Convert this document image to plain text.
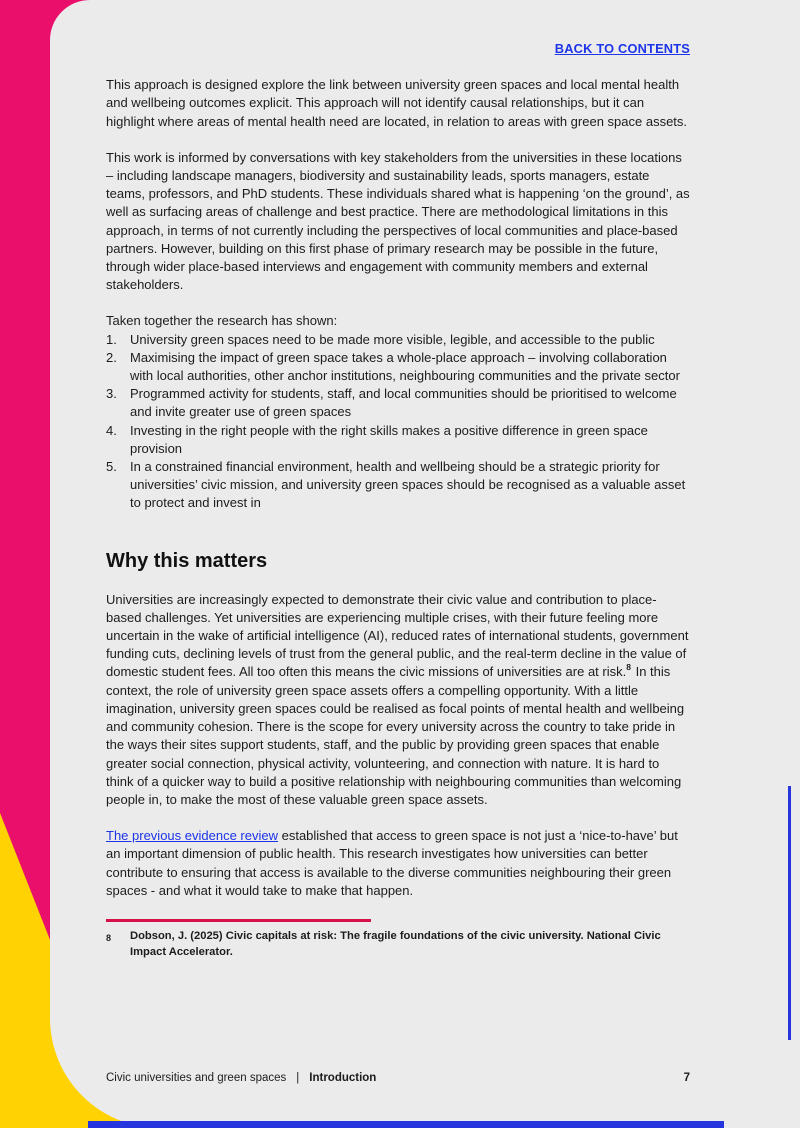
BACK TO CONTENTS

This approach is designed explore the link between university green spaces and local mental health and wellbeing outcomes explicit. This approach will not identify causal relationships, but it can highlight where areas of mental health need are located, in relation to areas with green space assets.

This work is informed by conversations with key stakeholders from the universities in these locations – including landscape managers, biodiversity and sustainability leads, sports managers, estate teams, professors, and PhD students. These individuals shared what is happening ‘on the ground’, as well as surfacing areas of challenge and best practice. There are methodological limitations in this approach, in terms of not currently including the perspectives of local communities and place-based partners. However, building on this first phase of primary research may be possible in the future, through wider place-based interviews and engagement with community members and external stakeholders.

Taken together the research has shown:

1.	University green spaces need to be made more visible, legible, and accessible to the public
2.	Maximising the impact of green space takes a whole-place approach – involving collaboration with local authorities, other anchor institutions, neighbouring communities and the private sector
3.	Programmed activity for students, staff, and local communities should be prioritised to welcome and invite greater use of green spaces
4.	Investing in the right people with the right skills makes a positive difference in green space provision
5.	In a constrained financial environment, health and wellbeing should be a strategic priority for universities’ civic mission, and university green spaces should be recognised as a valuable asset to protect and invest in
Why this matters

Universities are increasingly expected to demonstrate their civic value and contribution to place-based challenges. Yet universities are experiencing multiple crises, with their future feeling more uncertain in the wake of artificial intelligence (AI), reduced rates of international students, government funding cuts, declining levels of trust from the general public, and the real-term decline in the value of domestic student fees. All too often this means the civic missions of universities are at risk.$^8$ In this context, the role of university green space assets offers a compelling opportunity. With a little imagination, university green spaces could be realised as focal points of mental health and wellbeing and community cohesion. There is the scope for every university across the country to take pride in the ways their sites support students, staff, and the public by providing green spaces that enable greater social connection, physical activity, volunteering, and connection with nature. It is hard to think of a quicker way to build a positive relationship with neighbouring communities than welcoming people in, to make the most of these valuable green space assets.

The previous evidence review established that access to green space is not just a ‘nice-to-have’ but an important dimension of public health. This research investigates how universities can better contribute to ensuring that access is available to the diverse communities neighbouring their green spaces - and what it would take to make that happen.

8	Dobson, J. (2025) Civic capitals at risk: The fragile foundations of the civic university. National Civic Impact Accelerator.
Civic universities and green spaces | Introduction	7
